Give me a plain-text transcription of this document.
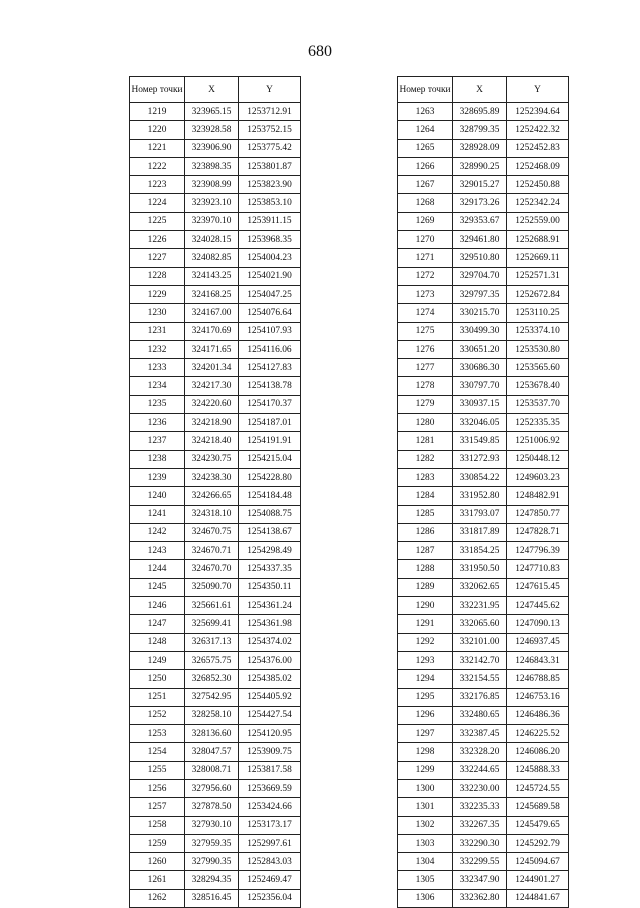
680
Номер точки	X	Y
1219	323965.15	1253712.91
1220	323928.58	1253752.15
1221	323906.90	1253775.42
1222	323898.35	1253801.87
1223	323908.99	1253823.90
1224	323923.10	1253853.10
1225	323970.10	1253911.15
1226	324028.15	1253968.35
1227	324082.85	1254004.23
1228	324143.25	1254021.90
1229	324168.25	1254047.25
1230	324167.00	1254076.64
1231	324170.69	1254107.93
1232	324171.65	1254116.06
1233	324201.34	1254127.83
1234	324217.30	1254138.78
1235	324220.60	1254170.37
1236	324218.90	1254187.01
1237	324218.40	1254191.91
1238	324230.75	1254215.04
1239	324238.30	1254228.80
1240	324266.65	1254184.48
1241	324318.10	1254088.75
1242	324670.75	1254138.67
1243	324670.71	1254298.49
1244	324670.70	1254337.35
1245	325090.70	1254350.11
1246	325661.61	1254361.24
1247	325699.41	1254361.98
1248	326317.13	1254374.02
1249	326575.75	1254376.00
1250	326852.30	1254385.02
1251	327542.95	1254405.92
1252	328258.10	1254427.54
1253	328136.60	1254120.95
1254	328047.57	1253909.75
1255	328008.71	1253817.58
1256	327956.60	1253669.59
1257	327878.50	1253424.66
1258	327930.10	1253173.17
1259	327959.35	1252997.61
1260	327990.35	1252843.03
1261	328294.35	1252469.47
1262	328516.45	1252356.04
Номер точки	X	Y
1263	328695.89	1252394.64
1264	328799.35	1252422.32
1265	328928.09	1252452.83
1266	328990.25	1252468.09
1267	329015.27	1252450.88
1268	329173.26	1252342.24
1269	329353.67	1252559.00
1270	329461.80	1252688.91
1271	329510.80	1252669.11
1272	329704.70	1252571.31
1273	329797.35	1252672.84
1274	330215.70	1253110.25
1275	330499.30	1253374.10
1276	330651.20	1253530.80
1277	330686.30	1253565.60
1278	330797.70	1253678.40
1279	330937.15	1253537.70
1280	332046.05	1252335.35
1281	331549.85	1251006.92
1282	331272.93	1250448.12
1283	330854.22	1249603.23
1284	331952.80	1248482.91
1285	331793.07	1247850.77
1286	331817.89	1247828.71
1287	331854.25	1247796.39
1288	331950.50	1247710.83
1289	332062.65	1247615.45
1290	332231.95	1247445.62
1291	332065.60	1247090.13
1292	332101.00	1246937.45
1293	332142.70	1246843.31
1294	332154.55	1246788.85
1295	332176.85	1246753.16
1296	332480.65	1246486.36
1297	332387.45	1246225.52
1298	332328.20	1246086.20
1299	332244.65	1245888.33
1300	332230.00	1245724.55
1301	332235.33	1245689.58
1302	332267.35	1245479.65
1303	332290.30	1245292.79
1304	332299.55	1245094.67
1305	332347.90	1244901.27
1306	332362.80	1244841.67
